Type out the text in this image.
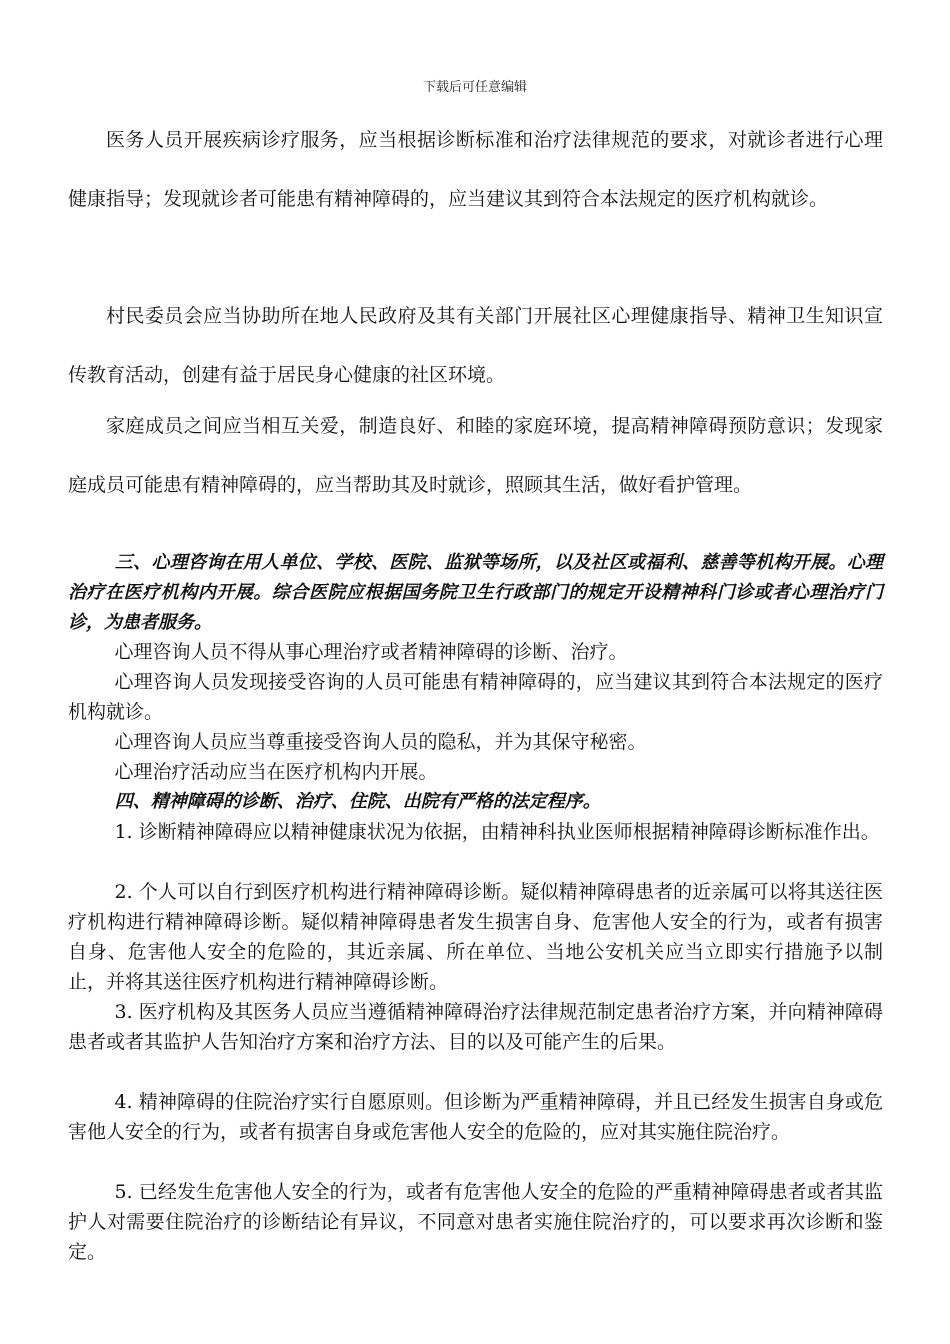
下载后可任意编辑

医务人员开展疾病诊疗服务，应当根据诊断标准和治疗法律规范的要求，对就诊者进行心理健康指导；发现就诊者可能患有精神障碍的，应当建议其到符合本法规定的医疗机构就诊。

村民委员会应当协助所在地人民政府及其有关部门开展社区心理健康指导、精神卫生知识宣传教育活动，创建有益于居民身心健康的社区环境。

家庭成员之间应当相互关爱，制造良好、和睦的家庭环境，提高精神障碍预防意识；发现家庭成员可能患有精神障碍的，应当帮助其及时就诊，照顾其生活，做好看护管理。

三、心理咨询在用人单位、学校、医院、监狱等场所，以及社区或福利、慈善等机构开展。心理治疗在医疗机构内开展。综合医院应根据国务院卫生行政部门的规定开设精神科门诊或者心理治疗门诊，为患者服务。

心理咨询人员不得从事心理治疗或者精神障碍的诊断、治疗。

心理咨询人员发现接受咨询的人员可能患有精神障碍的，应当建议其到符合本法规定的医疗机构就诊。

心理咨询人员应当尊重接受咨询人员的隐私，并为其保守秘密。

心理治疗活动应当在医疗机构内开展。

四、精神障碍的诊断、治疗、住院、出院有严格的法定程序。

1. 诊断精神障碍应以精神健康状况为依据，由精神科执业医师根据精神障碍诊断标准作出。

2. 个人可以自行到医疗机构进行精神障碍诊断。疑似精神障碍患者的近亲属可以将其送往医疗机构进行精神障碍诊断。疑似精神障碍患者发生损害自身、危害他人安全的行为，或者有损害自身、危害他人安全的危险的，其近亲属、所在单位、当地公安机关应当立即实行措施予以制止，并将其送往医疗机构进行精神障碍诊断。

3. 医疗机构及其医务人员应当遵循精神障碍治疗法律规范制定患者治疗方案，并向精神障碍患者或者其监护人告知治疗方案和治疗方法、目的以及可能产生的后果。

4. 精神障碍的住院治疗实行自愿原则。但诊断为严重精神障碍，并且已经发生损害自身或危害他人安全的行为，或者有损害自身或危害他人安全的危险的，应对其实施住院治疗。

5. 已经发生危害他人安全的行为，或者有危害他人安全的危险的严重精神障碍患者或者其监护人对需要住院治疗的诊断结论有异议，不同意对患者实施住院治疗的，可以要求再次诊断和鉴定。
